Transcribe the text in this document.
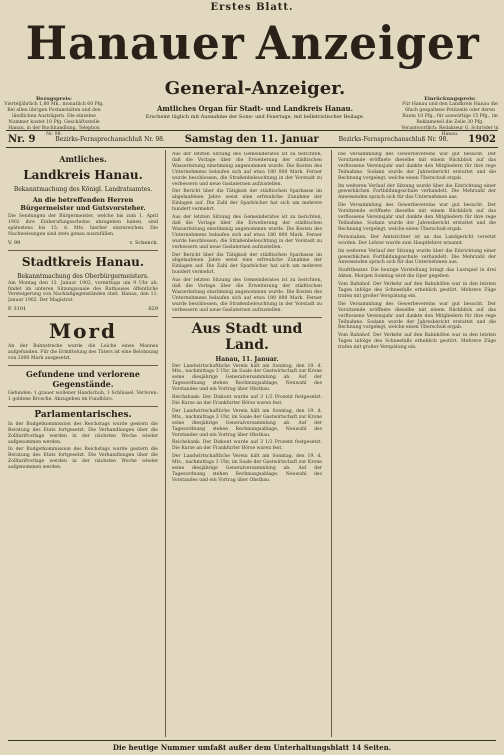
Erstes Blatt.
Hanauer Anzeiger
Bezugspreis:
Vierteljährlich 1,80 Mk., monatlich 60 Pfg. Bei allen übrigen Postanstalten und den ländlichen Austrägern. Die einzelne Nummer kostet 10 Pfg. Geschäftsstelle Hanau, in der Buchhandlung, Telephon Nr. 98.
General-Anzeiger.
Amtliches Organ für Stadt- und Landkreis Hanau.
Erscheint täglich mit Ausnahme der Sonn- und Feiertage, mit belletristischer Beilage.
Einrückungspreis:
Für Hanau und den Landkreis Hanau die 6fach gespaltene Petitzeile oder deren Raum 10 Pfg., für auswärtige 15 Pfg., im Reklameteil die Zeile 30 Pfg. Verantwortlich: Redakteur G. Schröder in Hanau.
Nr. 9	Bezirks-Fernsprechanschluß Nr. 98. Samstag den 11. Januar	Bezirks-Fernsprechanschluß Nr. 98. 1902
Amtliches.
Landkreis Hanau.
Bekanntmachung des Königl. Landratsamtes.
An die betreffenden Herren Bürgermeister und Gutsvorsteher.

Die Sendungen der Bürgermeister, welche bis zum 1. April 1902 ihre Einberufungsscheine abzugeben haben, sind spätestens bis 15. d. Mts. hierher einzureichen. Die Nachweisungen sind stets genau auszufüllen.

V. 99	v. Schenck.
Stadtkreis Hanau.
Bekanntmachung des Oberbürgermeisters.

Am Montag den 13. Januar 1902, vormittags um 9 Uhr ab, findet im unteren Sitzungssaale des Rathauses öffentliche Versteigerung von Nachlaßgegenständen statt. Hanau, den 11. Januar 1902. Der Magistrat.

P. 3101	629
Mord

An der Bahnstrecke wurde die Leiche eines Mannes aufgefunden. Für die Ermittelung des Täters ist eine Belohnung von 2000 Mark ausgesetzt.

Gefundene und verlorene Gegenstände.

Gefunden: 1 grauer wollener Handschuh, 1 Schlüssel. Verloren: 1 goldene Brosche. Abzugeben im Fundbüro.

Parlamentarisches.

In der Budgetkommission des Reichstags wurde gestern die Beratung des Etats fortgesetzt. Die Verhandlungen über die Zolltarifvorlage werden in der nächsten Woche wieder aufgenommen werden.

In der Budgetkommission des Reichstags wurde gestern die Beratung des Etats fortgesetzt. Die Verhandlungen über die Zolltarifvorlage werden in der nächsten Woche wieder aufgenommen werden.

Aus der letzten Sitzung des Gemeinderates ist zu berichten, daß die Vorlage über die Erweiterung der städtischen Wasserleitung einstimmig angenommen wurde. Die Kosten des Unternehmens belaufen sich auf etwa 180 000 Mark. Ferner wurde beschlossen, die Straßenbeleuchtung in der Vorstadt zu verbessern und neue Gaslaternen aufzustellen.

Der Bericht über die Tätigkeit der städtischen Sparkasse im abgelaufenen Jahre weist eine erfreuliche Zunahme der Einlagen auf. Die Zahl der Sparbücher hat sich um mehrere hundert vermehrt.

Aus der letzten Sitzung des Gemeinderates ist zu berichten, daß die Vorlage über die Erweiterung der städtischen Wasserleitung einstimmig angenommen wurde. Die Kosten des Unternehmens belaufen sich auf etwa 180 000 Mark. Ferner wurde beschlossen, die Straßenbeleuchtung in der Vorstadt zu verbessern und neue Gaslaternen aufzustellen.

Der Bericht über die Tätigkeit der städtischen Sparkasse im abgelaufenen Jahre weist eine erfreuliche Zunahme der Einlagen auf. Die Zahl der Sparbücher hat sich um mehrere hundert vermehrt.

Aus der letzten Sitzung des Gemeinderates ist zu berichten, daß die Vorlage über die Erweiterung der städtischen Wasserleitung einstimmig angenommen wurde. Die Kosten des Unternehmens belaufen sich auf etwa 180 000 Mark. Ferner wurde beschlossen, die Straßenbeleuchtung in der Vorstadt zu verbessern und neue Gaslaternen aufzustellen.

Aus Stadt und Land.
Hanau, 11. Januar.

Der Landwirtschaftliche Verein hält am Sonntag, den 19. d. Mts., nachmittags 3 Uhr, im Saale der Gastwirtschaft zur Krone seine diesjährige Generalversammlung ab. Auf der Tagesordnung stehen Rechnungsablage, Neuwahl des Vorstandes und ein Vortrag über Obstbau.

Reichsbank: Der Diskont wurde auf 3 1/2 Prozent festgesetzt. Die Kurse an der Frankfurter Börse waren fest.

Der Landwirtschaftliche Verein hält am Sonntag, den 19. d. Mts., nachmittags 3 Uhr, im Saale der Gastwirtschaft zur Krone seine diesjährige Generalversammlung ab. Auf der Tagesordnung stehen Rechnungsablage, Neuwahl des Vorstandes und ein Vortrag über Obstbau.

Reichsbank: Der Diskont wurde auf 3 1/2 Prozent festgesetzt. Die Kurse an der Frankfurter Börse waren fest.

Der Landwirtschaftliche Verein hält am Sonntag, den 19. d. Mts., nachmittags 3 Uhr, im Saale der Gastwirtschaft zur Krone seine diesjährige Generalversammlung ab. Auf der Tagesordnung stehen Rechnungsablage, Neuwahl des Vorstandes und ein Vortrag über Obstbau.

Die Versammlung des Gewerbevereins war gut besucht. Der Vorsitzende eröffnete dieselbe mit einem Rückblick auf das verflossene Vereinsjahr und dankte den Mitgliedern für ihre rege Teilnahme. Sodann wurde der Jahresbericht erstattet und die Rechnung vorgelegt, welche einen Überschuß ergab.

Im weiteren Verlauf der Sitzung wurde über die Einrichtung einer gewerblichen Fortbildungsschule verhandelt. Die Mehrzahl der Anwesenden sprach sich für das Unternehmen aus.

Die Versammlung des Gewerbevereins war gut besucht. Der Vorsitzende eröffnete dieselbe mit einem Rückblick auf das verflossene Vereinsjahr und dankte den Mitgliedern für ihre rege Teilnahme. Sodann wurde der Jahresbericht erstattet und die Rechnung vorgelegt, welche einen Überschuß ergab.

Personalien. Der Amtsrichter ist an das Landgericht versetzt worden. Der Lehrer wurde zum Hauptlehrer ernannt.

Im weiteren Verlauf der Sitzung wurde über die Einrichtung einer gewerblichen Fortbildungsschule verhandelt. Die Mehrzahl der Anwesenden sprach sich für das Unternehmen aus.

Stadttheater. Die heutige Vorstellung bringt das Lustspiel in drei Akten. Morgen Sonntag wird die Oper gegeben.

Vom Bahnhof. Der Verkehr auf den Bahnhöfen war in den letzten Tagen infolge des Schneefalls erheblich gestört. Mehrere Züge trafen mit großer Verspätung ein.

Die Versammlung des Gewerbevereins war gut besucht. Der Vorsitzende eröffnete dieselbe mit einem Rückblick auf das verflossene Vereinsjahr und dankte den Mitgliedern für ihre rege Teilnahme. Sodann wurde der Jahresbericht erstattet und die Rechnung vorgelegt, welche einen Überschuß ergab.

Vom Bahnhof. Der Verkehr auf den Bahnhöfen war in den letzten Tagen infolge des Schneefalls erheblich gestört. Mehrere Züge trafen mit großer Verspätung ein.

Die heutige Nummer umfaßt außer dem Unterhaltungsblatt 14 Seiten.
